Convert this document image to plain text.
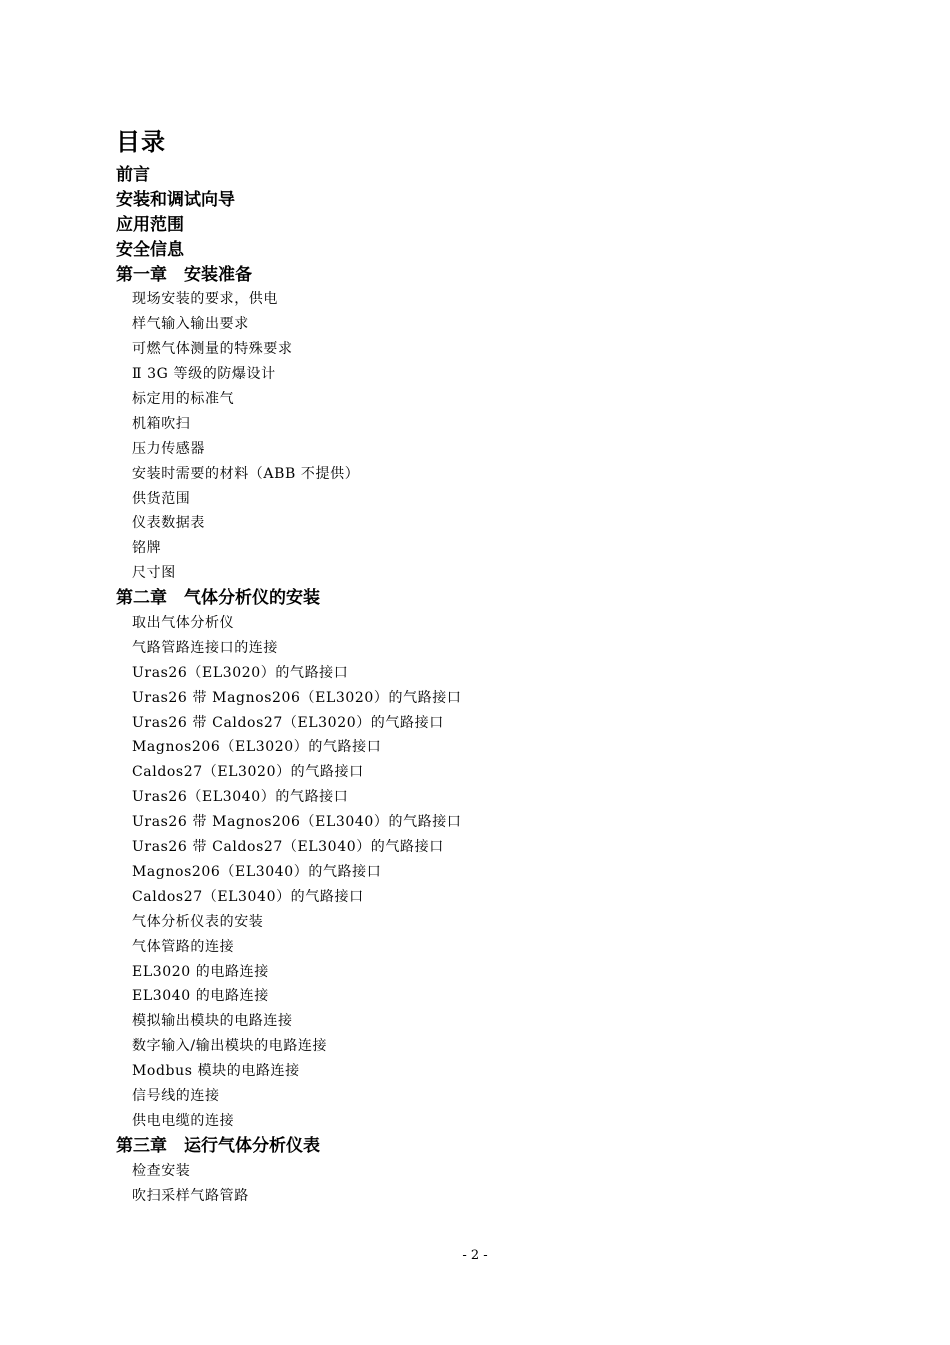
目录
前言
安装和调试向导
应用范围
安全信息
第一章　安装准备
现场安装的要求，供电
样气输入输出要求
可燃气体测量的特殊要求
Ⅱ 3G 等级的防爆设计
标定用的标准气
机箱吹扫
压力传感器
安装时需要的材料（ABB 不提供）
供货范围
仪表数据表
铭牌
尺寸图
第二章　气体分析仪的安装
取出气体分析仪
气路管路连接口的连接
Uras26（EL3020）的气路接口
Uras26 带 Magnos206（EL3020）的气路接口
Uras26 带 Caldos27（EL3020）的气路接口
Magnos206（EL3020）的气路接口
Caldos27（EL3020）的气路接口
Uras26（EL3040）的气路接口
Uras26 带 Magnos206（EL3040）的气路接口
Uras26 带 Caldos27（EL3040）的气路接口
Magnos206（EL3040）的气路接口
Caldos27（EL3040）的气路接口
气体分析仪表的安装
气体管路的连接
EL3020 的电路连接
EL3040 的电路连接
模拟输出模块的电路连接
数字输入/输出模块的电路连接
Modbus 模块的电路连接
信号线的连接
供电电缆的连接
第三章　运行气体分析仪表
检查安装
吹扫采样气路管路
- 2 -
